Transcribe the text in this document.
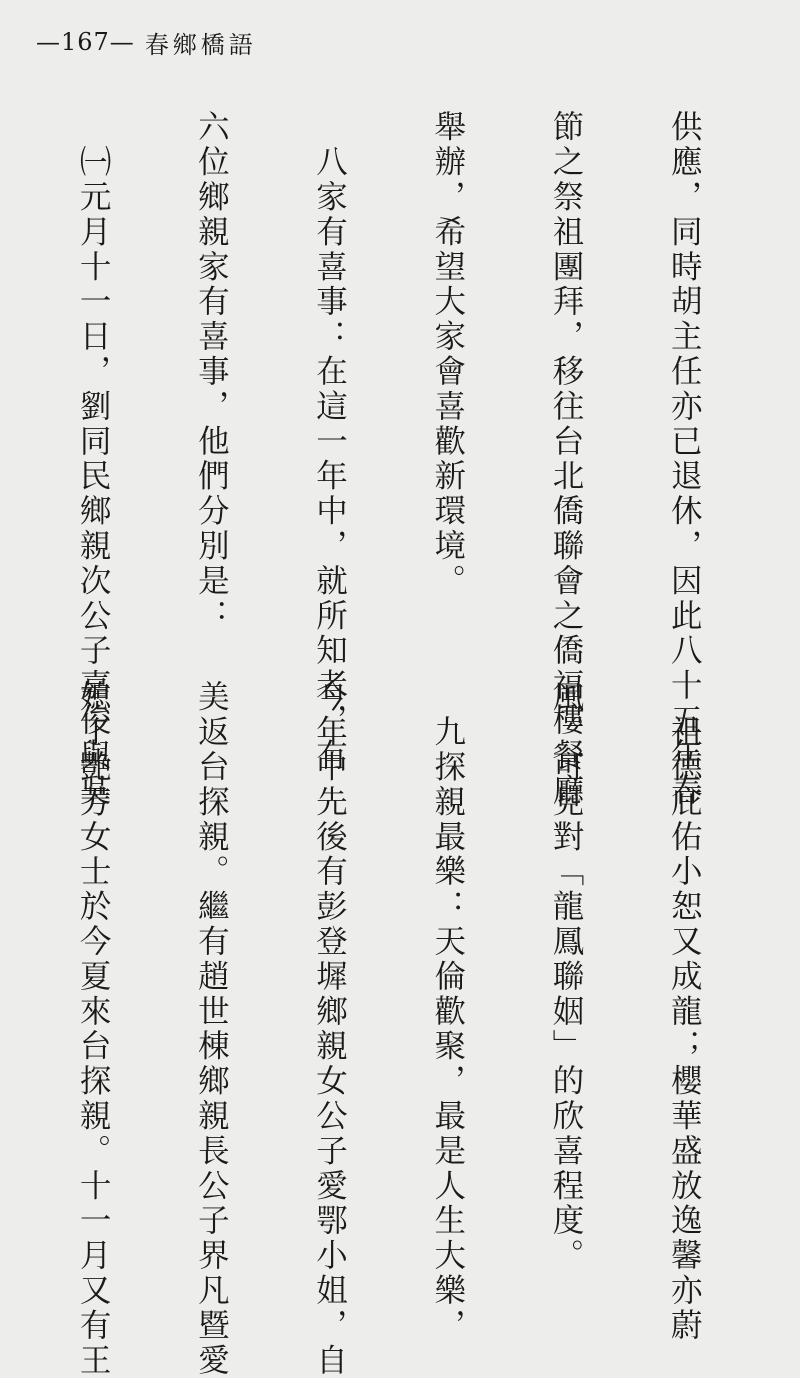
—167— 春鄉橋語

供應，同時胡主任亦已退休，因此八十五年春

節之祭祖團拜，移往台北僑聯會之僑福樓餐廳

舉辦，希望大家會喜歡新環境。

　八家有喜事：在這一年中，就所知者，有

六位鄉親家有喜事，他們分別是：

　㈠元月十一日，劉同民鄉親次公子嘉俊與吳

　祖德庇佑小恕又成龍；櫻華盛放逸馨亦蔚

風。可見對「龍鳳聯姻」的欣喜程度。

　九探親最樂：天倫歡聚，最是人生大樂，

今年中先後有彭登墀鄉親女公子愛鄂小姐，自

美返台探親。繼有趙世棟鄉親長公子界凡暨愛

媳丁艷芳女士於今夏來台探親。十一月又有王
